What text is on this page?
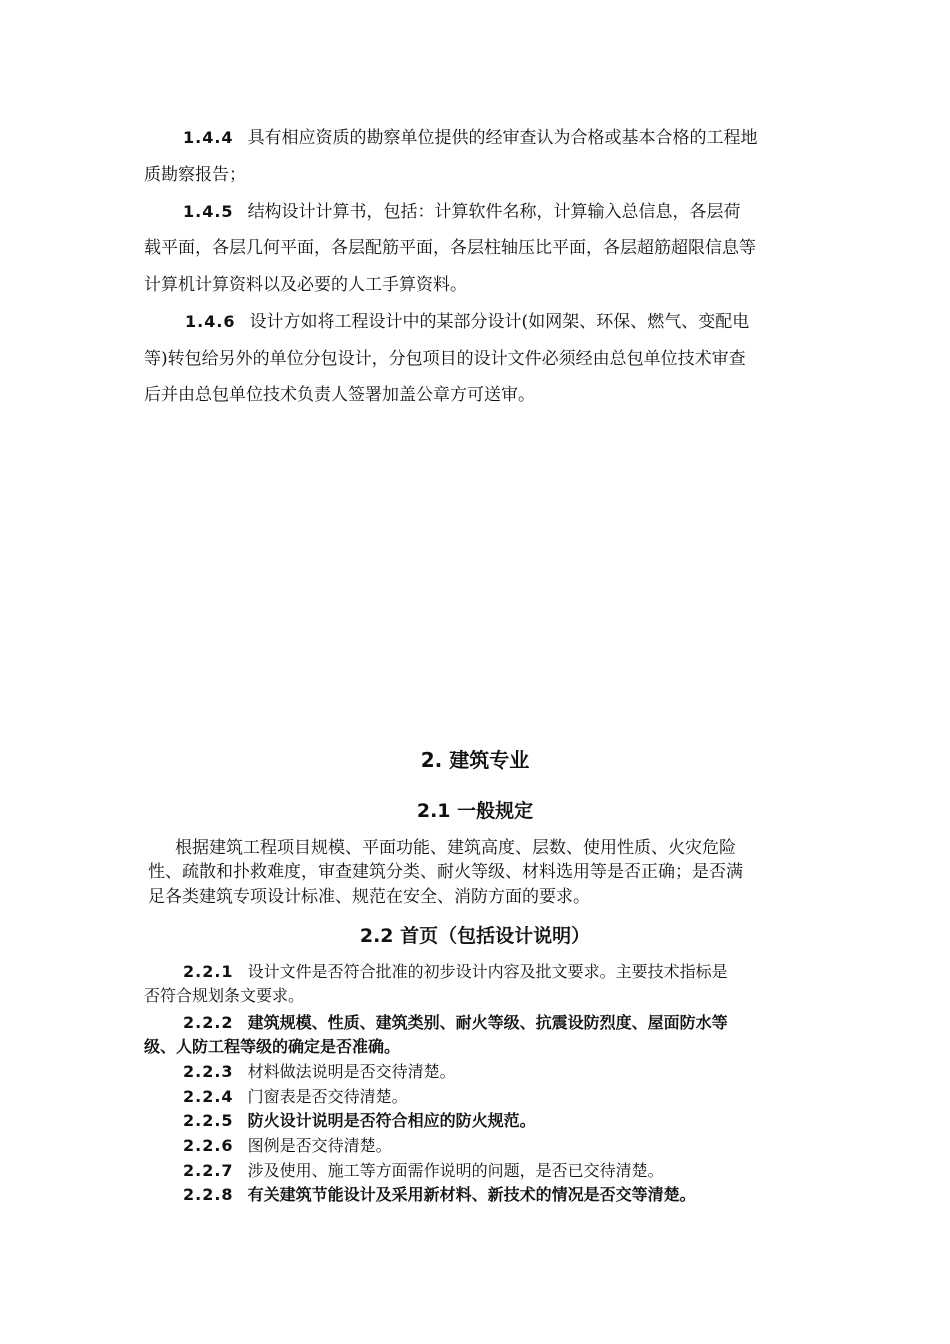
1.4.4 具有相应资质的勘察单位提供的经审查认为合格或基本合格的工程地
质勘察报告；
1.4.5 结构设计计算书，包括：计算软件名称，计算输入总信息，各层荷
载平面，各层几何平面，各层配筋平面，各层柱轴压比平面，各层超筋超限信息等
计算机计算资料以及必要的人工手算资料。
1.4.6 设计方如将工程设计中的某部分设计(如网架、环保、燃气、变配电
等)转包给另外的单位分包设计，分包项目的设计文件必须经由总包单位技术审查
后并由总包单位技术负责人签署加盖公章方可送审。
2. 建筑专业
2.1 一般规定
根据建筑工程项目规模、平面功能、建筑高度、层数、使用性质、火灾危险
性、疏散和扑救难度，审查建筑分类、耐火等级、材料选用等是否正确；是否满
足各类建筑专项设计标准、规范在安全、消防方面的要求。
2.2 首页（包括设计说明）
2.2.1 设计文件是否符合批准的初步设计内容及批文要求。主要技术指标是
否符合规划条文要求。
2.2.2 建筑规模、性质、建筑类别、耐火等级、抗震设防烈度、屋面防水等
级、人防工程等级的确定是否准确。
2.2.3 材料做法说明是否交待清楚。
2.2.4 门窗表是否交待清楚。
2.2.5 防火设计说明是否符合相应的防火规范。
2.2.6 图例是否交待清楚。
2.2.7 涉及使用、施工等方面需作说明的问题，是否已交待清楚。
2.2.8 有关建筑节能设计及采用新材料、新技术的情况是否交等清楚。
